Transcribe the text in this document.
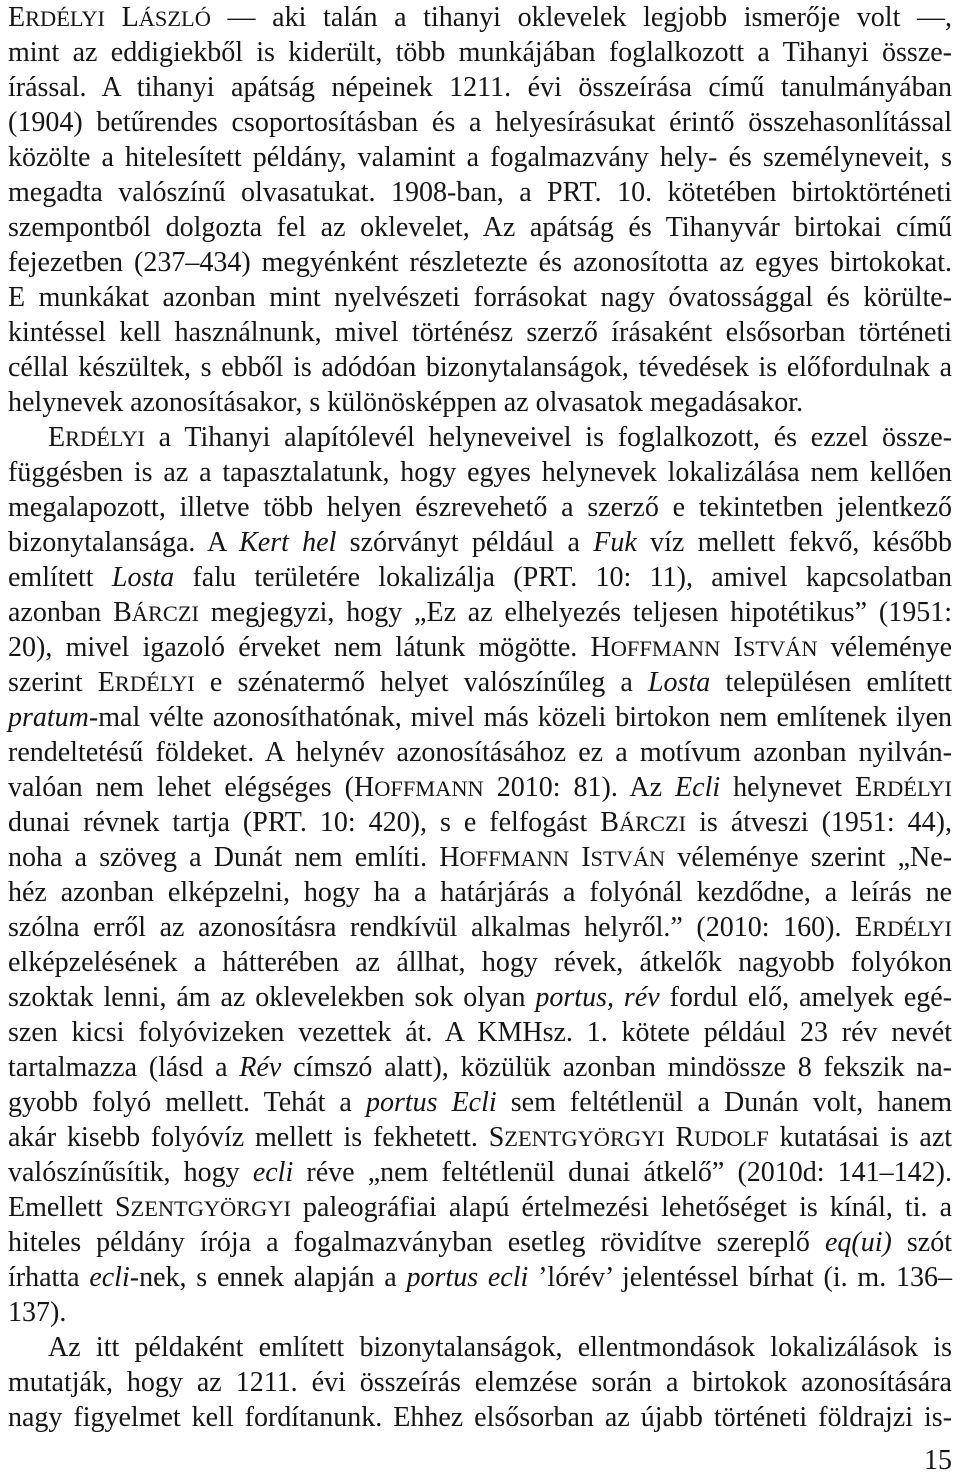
ERDÉLYI LÁSZLÓ — aki talán a tihanyi oklevelek legjobb ismerője volt —,
mint az eddigiekből is kiderült, több munkájában foglalkozott a Tihanyi össze-
írással. A tihanyi apátság népeinek 1211. évi összeírása című tanulmányában
(1904) betűrendes csoportosításban és a helyesírásukat érintő összehasonlítással
közölte a hitelesített példány, valamint a fogalmazvány hely- és személyneveit, s
megadta valószínű olvasatukat. 1908-ban, a PRT. 10. kötetében birtoktörténeti
szempontból dolgozta fel az oklevelet, Az apátság és Tihanyvár birtokai című
fejezetben (237–434) megyénként részletezte és azonosította az egyes birtokokat.
E munkákat azonban mint nyelvészeti forrásokat nagy óvatossággal és körülte-
kintéssel kell használnunk, mivel történész szerző írásaként elsősorban történeti
céllal készültek, s ebből is adódóan bizonytalanságok, tévedések is előfordulnak a
helynevek azonosításakor, s különösképpen az olvasatok megadásakor.
ERDÉLYI a Tihanyi alapítólevél helyneveivel is foglalkozott, és ezzel össze-
függésben is az a tapasztalatunk, hogy egyes helynevek lokalizálása nem kellően
megalapozott, illetve több helyen észrevehető a szerző e tekintetben jelentkező
bizonytalansága. A Kert hel szórványt például a Fuk víz mellett fekvő, később
említett Losta falu területére lokalizálja (PRT. 10: 11), amivel kapcsolatban
azonban BÁRCZI megjegyzi, hogy „Ez az elhelyezés teljesen hipotétikus” (1951:
20), mivel igazoló érveket nem látunk mögötte. HOFFMANN ISTVÁN véleménye
szerint ERDÉLYI e szénatermő helyet valószínűleg a Losta településen említett
pratum-mal vélte azonosíthatónak, mivel más közeli birtokon nem említenek ilyen
rendeltetésű földeket. A helynév azonosításához ez a motívum azonban nyilván-
valóan nem lehet elégséges (HOFFMANN 2010: 81). Az Ecli helynevet ERDÉLYI
dunai révnek tartja (PRT. 10: 420), s e felfogást BÁRCZI is átveszi (1951: 44),
noha a szöveg a Dunát nem említi. HOFFMANN ISTVÁN véleménye szerint „Ne-
héz azonban elképzelni, hogy ha a határjárás a folyónál kezdődne, a leírás ne
szólna erről az azonosításra rendkívül alkalmas helyről.” (2010: 160). ERDÉLYI
elképzelésének a hátterében az állhat, hogy révek, átkelők nagyobb folyókon
szoktak lenni, ám az oklevelekben sok olyan portus, rév fordul elő, amelyek egé-
szen kicsi folyóvizeken vezettek át. A KMHsz. 1. kötete például 23 rév nevét
tartalmazza (lásd a Rév címszó alatt), közülük azonban mindössze 8 fekszik na-
gyobb folyó mellett. Tehát a portus Ecli sem feltétlenül a Dunán volt, hanem
akár kisebb folyóvíz mellett is fekhetett. SZENTGYÖRGYI RUDOLF kutatásai is azt
valószínűsítik, hogy ecli réve „nem feltétlenül dunai átkelő” (2010d: 141–142).
Emellett SZENTGYÖRGYI paleográfiai alapú értelmezési lehetőséget is kínál, ti. a
hiteles példány írója a fogalmazványban esetleg rövidítve szereplő eq(ui) szót
írhatta ecli-nek, s ennek alapján a portus ecli ’lórév’ jelentéssel bírhat (i. m. 136–
137).
Az itt példaként említett bizonytalanságok, ellentmondások lokalizálások is
mutatják, hogy az 1211. évi összeírás elemzése során a birtokok azonosítására
nagy figyelmet kell fordítanunk. Ehhez elsősorban az újabb történeti földrajzi is-
15
